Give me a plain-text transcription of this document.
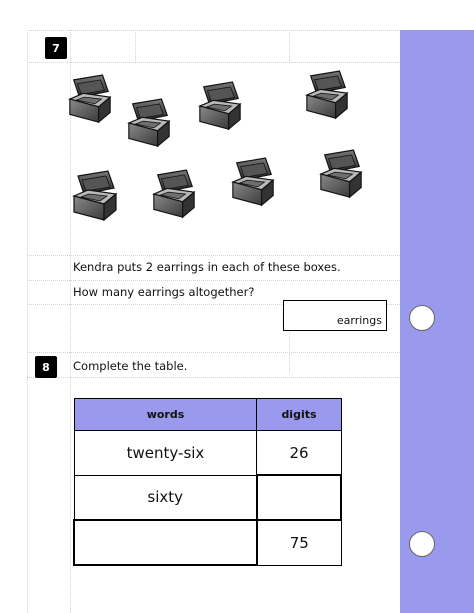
7
Kendra puts 2 earrings in each of these boxes.
How many earrings altogether?
earrings
8	Complete the table.
words	digits
twenty-six	26
sixty	
	75
